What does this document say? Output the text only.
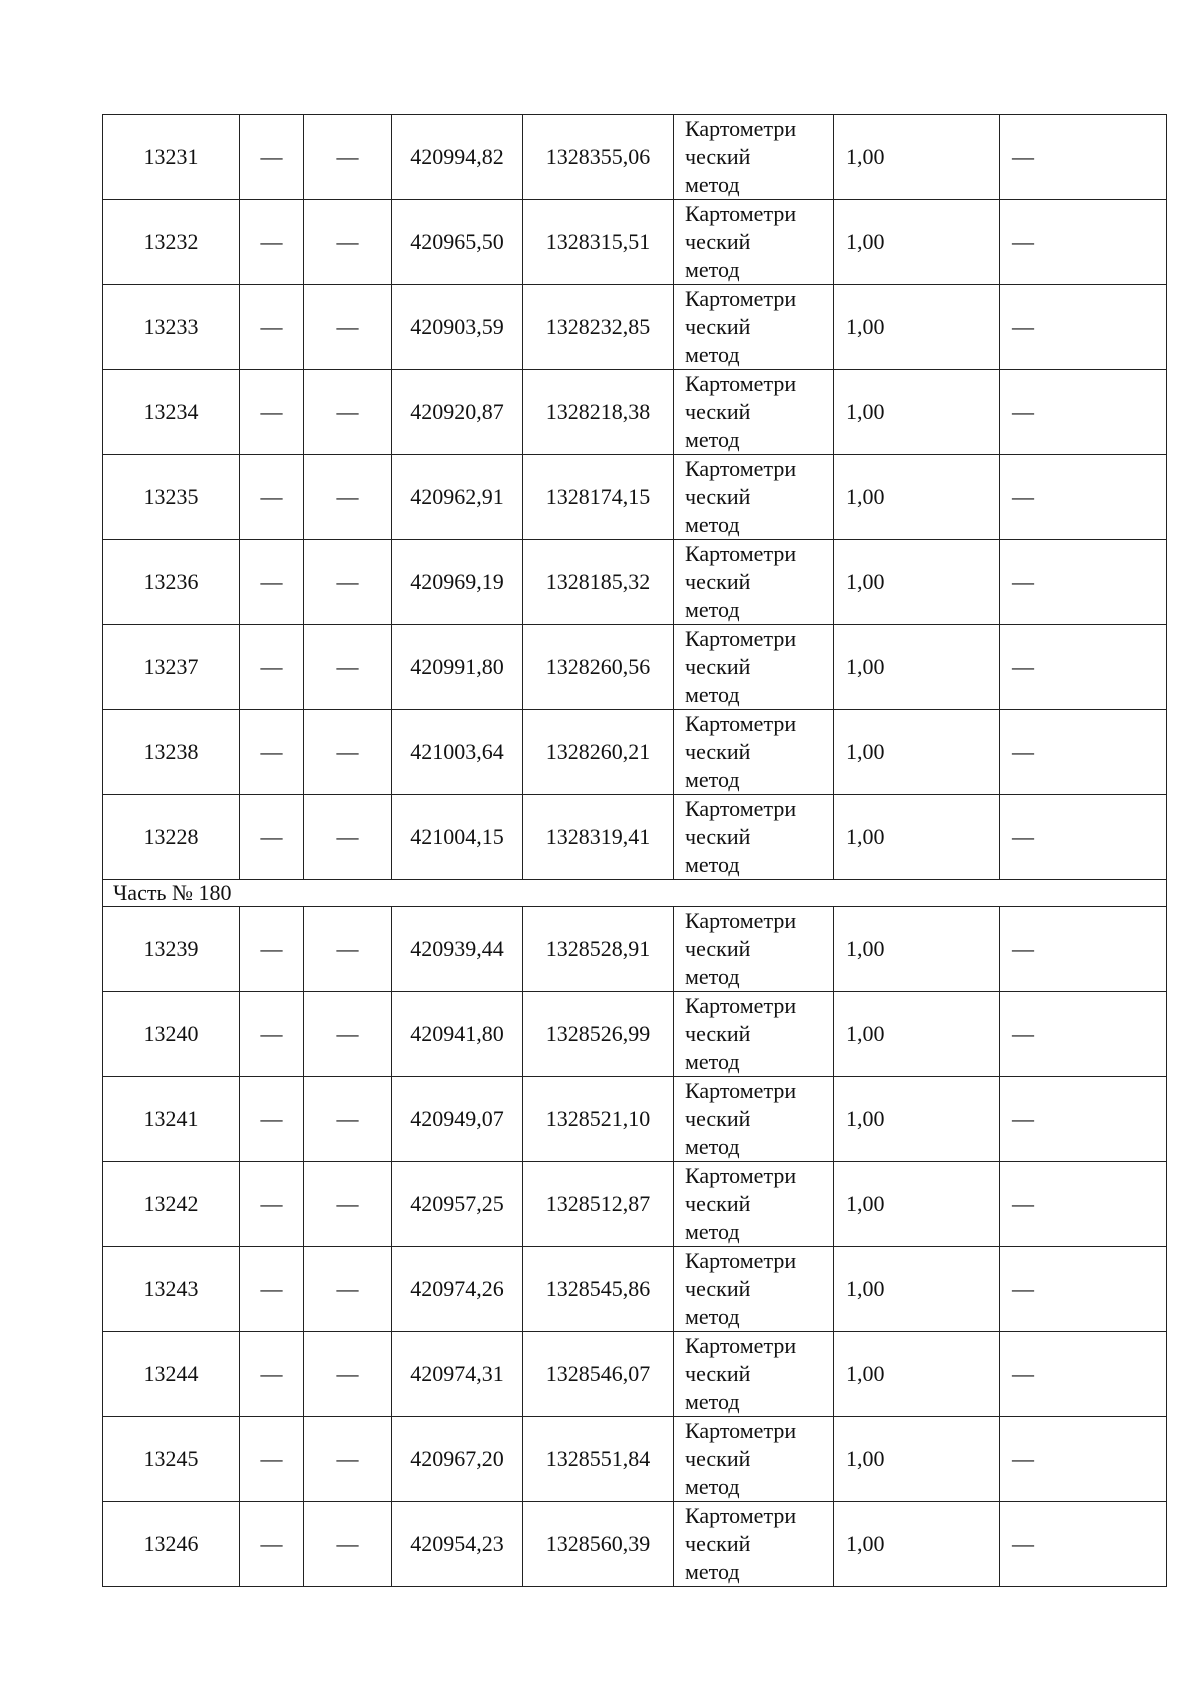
13231	—	—	420994,82	1328355,06	Картометри
ческий
метод	1,00	—
13232	—	—	420965,50	1328315,51	Картометри
ческий
метод	1,00	—
13233	—	—	420903,59	1328232,85	Картометри
ческий
метод	1,00	—
13234	—	—	420920,87	1328218,38	Картометри
ческий
метод	1,00	—
13235	—	—	420962,91	1328174,15	Картометри
ческий
метод	1,00	—
13236	—	—	420969,19	1328185,32	Картометри
ческий
метод	1,00	—
13237	—	—	420991,80	1328260,56	Картометри
ческий
метод	1,00	—
13238	—	—	421003,64	1328260,21	Картометри
ческий
метод	1,00	—
13228	—	—	421004,15	1328319,41	Картометри
ческий
метод	1,00	—
Часть № 180							
13239	—	—	420939,44	1328528,91	Картометри
ческий
метод	1,00	—
13240	—	—	420941,80	1328526,99	Картометри
ческий
метод	1,00	—
13241	—	—	420949,07	1328521,10	Картометри
ческий
метод	1,00	—
13242	—	—	420957,25	1328512,87	Картометри
ческий
метод	1,00	—
13243	—	—	420974,26	1328545,86	Картометри
ческий
метод	1,00	—
13244	—	—	420974,31	1328546,07	Картометри
ческий
метод	1,00	—
13245	—	—	420967,20	1328551,84	Картометри
ческий
метод	1,00	—
13246	—	—	420954,23	1328560,39	Картометри
ческий
метод	1,00	—
